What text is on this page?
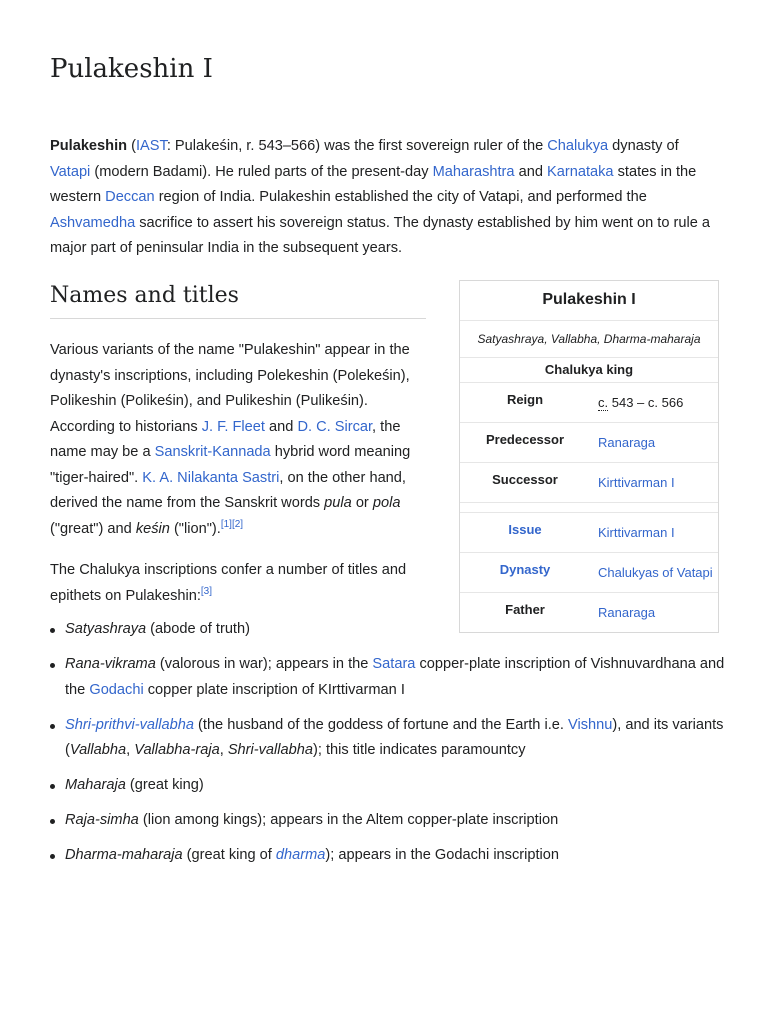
Pulakeshin I

Pulakeshin (IAST: Pulakeśin, r. 543–566) was the first sovereign ruler of the Chalukya dynasty of Vatapi (modern Badami). He ruled parts of the present-day Maharashtra and Karnataka states in the western Deccan region of India. Pulakeshin established the city of Vatapi, and performed the Ashvamedha sacrifice to assert his sovereign status. The dynasty established by him went on to rule a major part of peninsular India in the subsequent years.

Names and titles

Various variants of the name "Pulakeshin" appear in the dynasty's inscriptions, including Polekeshin (Polekeśin), Polikeshin (Polikeśin), and Pulikeshin (Pulikeśin). According to historians J. F. Fleet and D. C. Sircar, the name may be a Sanskrit-Kannada hybrid word meaning "tiger-haired". K. A. Nilakanta Sastri, on the other hand, derived the name from the Sanskrit words pula or pola ("great") and keśin ("lion").[1][2]

The Chalukya inscriptions confer a number of titles and epithets on Pulakeshin:[3]

Satyashraya (abode of truth)
Rana-vikrama (valorous in war); appears in the Satara copper-plate inscription of Vishnuvardhana and the Godachi copper plate inscription of KIrttivarman I
Shri-prithvi-vallabha (the husband of the goddess of fortune and the Earth i.e. Vishnu), and its variants (Vallabha, Vallabha-raja, Shri-vallabha); this title indicates paramountcy
Maharaja (great king)
Raja-simha (lion among kings); appears in the Altem copper-plate inscription
Dharma-maharaja (great king of dharma); appears in the Godachi inscription
Pulakeshin I
Satyashraya, Vallabha, Dharma-maharaja
Chalukya king
Reign	c. 543 – c. 566
Predecessor	Ranaraga
Successor	Kirttivarman I
Issue	Kirttivarman I
Dynasty	Chalukyas of Vatapi
Father	Ranaraga
